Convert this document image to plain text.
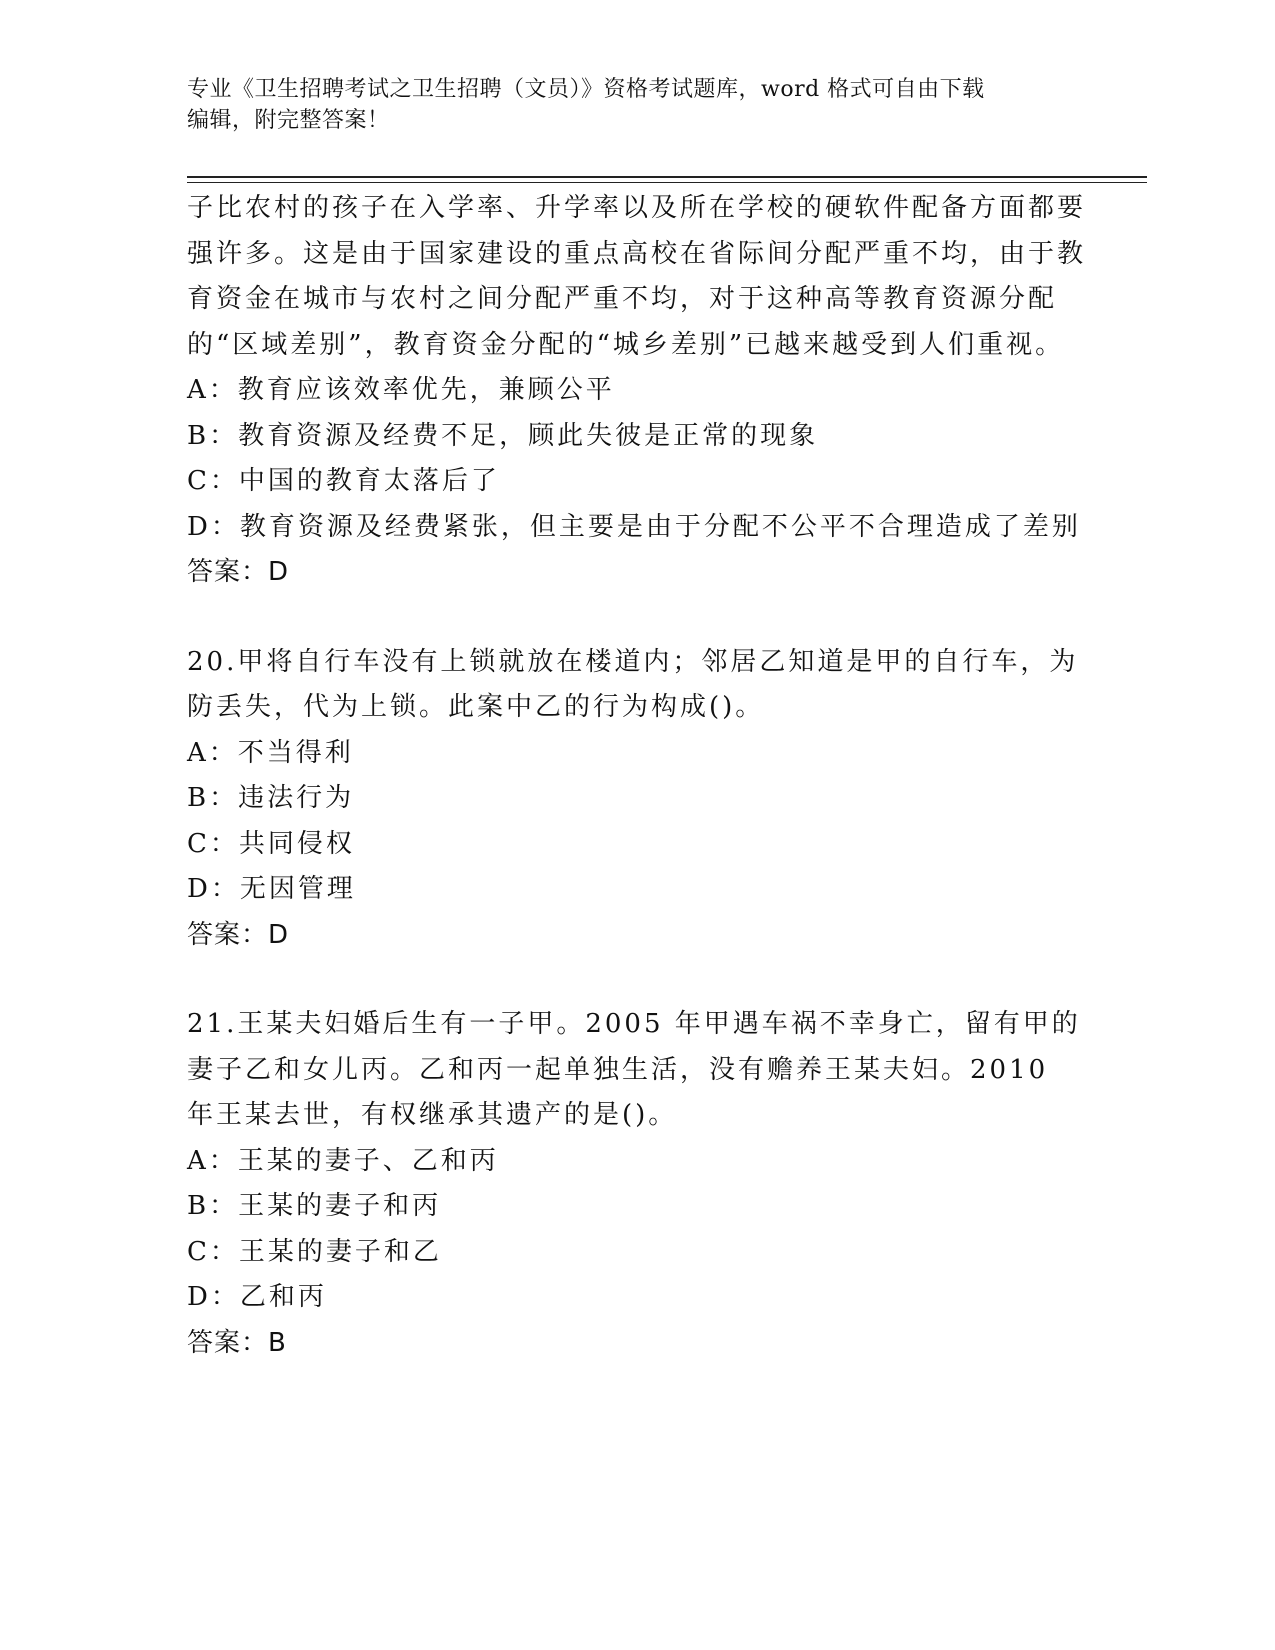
专业《卫生招聘考试之卫生招聘（文员）》资格考试题库，word 格式可自由下载
编辑，附完整答案！

子比农村的孩子在入学率、升学率以及所在学校的硬软件配备方面都要强许多。这是由于国家建设的重点高校在省际间分配严重不均，由于教育资金在城市与农村之间分配严重不均，对于这种高等教育资源分配的“区域差别”，教育资金分配的“城乡差别”已越来越受到人们重视。

A：教育应该效率优先，兼顾公平
B：教育资源及经费不足，顾此失彼是正常的现象
C：中国的教育太落后了
D：教育资源及经费紧张，但主要是由于分配不公平不合理造成了差别
答案：D

20.甲将自行车没有上锁就放在楼道内；邻居乙知道是甲的自行车，为防丢失，代为上锁。此案中乙的行为构成()。

A：不当得利
B：违法行为
C：共同侵权
D：无因管理
答案：D

21.王某夫妇婚后生有一子甲。2005 年甲遇车祸不幸身亡，留有甲的妻子乙和女儿丙。乙和丙一起单独生活，没有赡养王某夫妇。2010 年王某去世，有权继承其遗产的是()。

A：王某的妻子、乙和丙
B：王某的妻子和丙
C：王某的妻子和乙
D：乙和丙
答案：B
